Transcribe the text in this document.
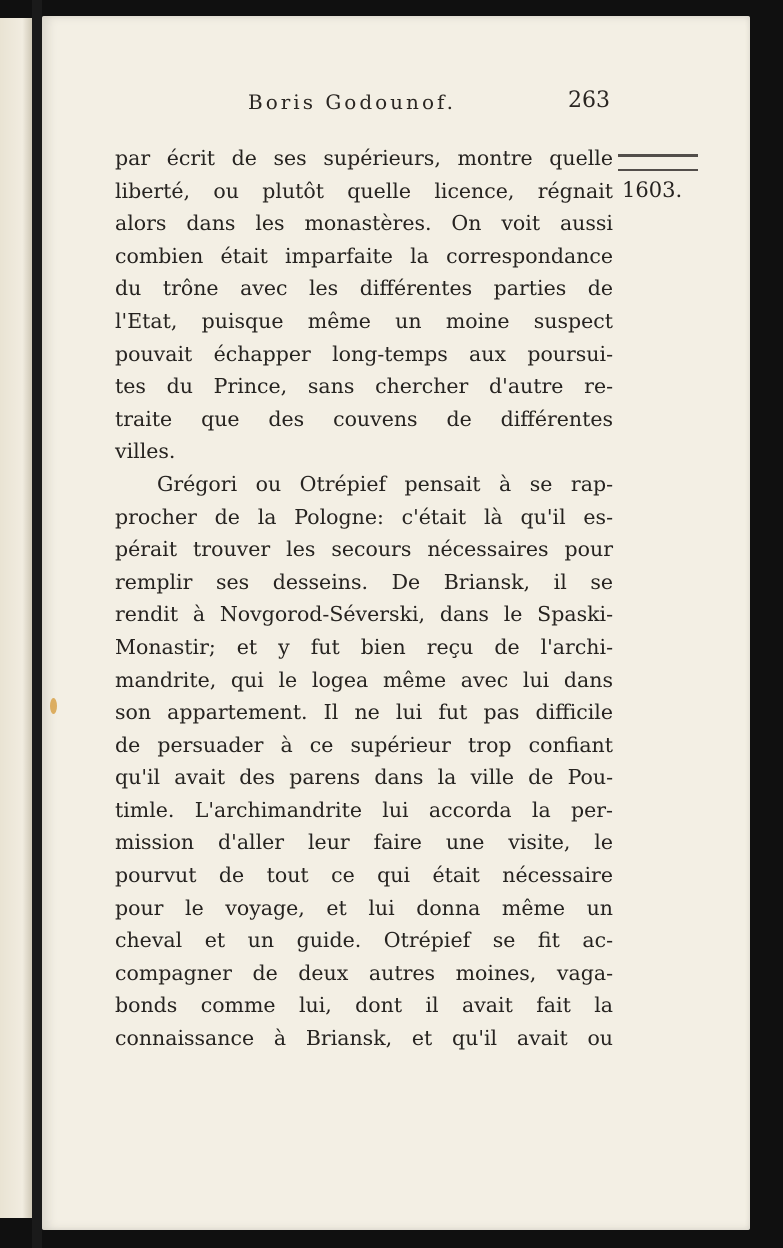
Boris Godounof.	263
1603.
par écrit de ses supérieurs, montre quelle
liberté, ou plutôt quelle licence, régnait
alors dans les monastères. On voit aussi
combien était imparfaite la correspondance
du trône avec les différentes parties de
l'Etat, puisque même un moine suspect
pouvait échapper long-temps aux poursui-
tes du Prince, sans chercher d'autre re-
traite que des couvens de différentes
villes.
Grégori ou Otrépief pensait à se rap-
procher de la Pologne: c'était là qu'il es-
pérait trouver les secours nécessaires pour
remplir ses desseins. De Briansk, il se
rendit à Novgorod-Séverski, dans le Spaski-
Monastir; et y fut bien reçu de l'archi-
mandrite, qui le logea même avec lui dans
son appartement. Il ne lui fut pas difficile
de persuader à ce supérieur trop confiant
qu'il avait des parens dans la ville de Pou-
timle. L'archimandrite lui accorda la per-
mission d'aller leur faire une visite, le
pourvut de tout ce qui était nécessaire
pour le voyage, et lui donna même un
cheval et un guide. Otrépief se fit ac-
compagner de deux autres moines, vaga-
bonds comme lui, dont il avait fait la
connaissance à Briansk, et qu'il avait ou
